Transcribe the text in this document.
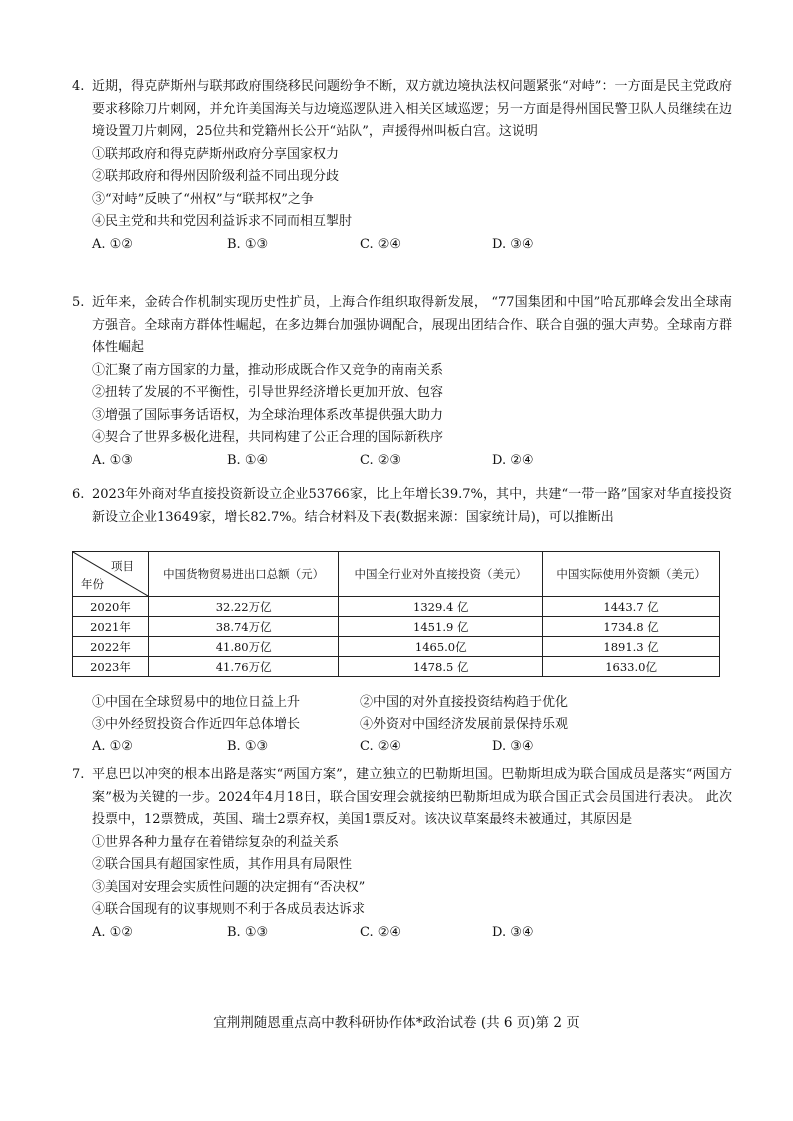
4. 近期，得克萨斯州与联邦政府围绕移民问题纷争不断，双方就边境执法权问题紧张“对峙”：一方面是民主党政府要求移除刀片刺网，并允许美国海关与边境巡逻队进入相关区域巡逻；另一方面是得州国民警卫队人员继续在边境设置刀片刺网，25位共和党籍州长公开“站队”，声援得州叫板白宫。这说明
①联邦政府和得克萨斯州政府分享国家权力
②联邦政府和得州因阶级利益不同出现分歧
③“对峙”反映了“州权”与“联邦权”之争
④民主党和共和党因利益诉求不同而相互掣肘
A. ①②	B. ①③	C. ②④	D. ③④
5. 近年来，金砖合作机制实现历史性扩员，上海合作组织取得新发展， “77国集团和中国”哈瓦那峰会发出全球南方强音。全球南方群体性崛起，在多边舞台加强协调配合，展现出团结合作、联合自强的强大声势。全球南方群体性崛起
①汇聚了南方国家的力量，推动形成既合作又竞争的南南关系
②扭转了发展的不平衡性，引导世界经济增长更加开放、包容
③增强了国际事务话语权，为全球治理体系改革提供强大助力
④契合了世界多极化进程，共同构建了公正合理的国际新秩序
A. ①③	B. ①④	C. ②③	D. ②④
6. 2023年外商对华直接投资新设立企业53766家，比上年增长39.7%，其中，共建“一带一路”国家对华直接投资新设立企业13649家，增长82.7%。结合材料及下表(数据来源：国家统计局)，可以推断出
项目
年份	中国货物贸易进出口总额（元）	中国全行业对外直接投资（美元）	中国实际使用外资额（美元）
2020年	32.22万亿	1329.4 亿	1443.7 亿
2021年	38.74万亿	1451.9 亿	1734.8 亿
2022年	41.80万亿	1465.0亿	1891.3 亿
2023年	41.76万亿	1478.5 亿	1633.0亿
①中国在全球贸易中的地位日益上升	②中国的对外直接投资结构趋于优化
③中外经贸投资合作近四年总体增长	④外资对中国经济发展前景保持乐观
A. ①②	B. ①③	C. ②④	D. ③④
7. 平息巴以冲突的根本出路是落实“两国方案”，建立独立的巴勒斯坦国。巴勒斯坦成为联合国成员是落实“两国方案”极为关键的一步。2024年4月18日，联合国安理会就接纳巴勒斯坦成为联合国正式会员国进行表决。 此次投票中，12票赞成，英国、瑞士2票弃权，美国1票反对。该决议草案最终未被通过，其原因是
①世界各种力量存在着错综复杂的利益关系
②联合国具有超国家性质，其作用具有局限性
③美国对安理会实质性问题的决定拥有“否决权”
④联合国现有的议事规则不利于各成员表达诉求
A. ①②	B. ①③	C. ②④	D. ③④
宜荆荆随恩重点高中教科研协作体*政治试卷 (共 6 页)第 2 页
